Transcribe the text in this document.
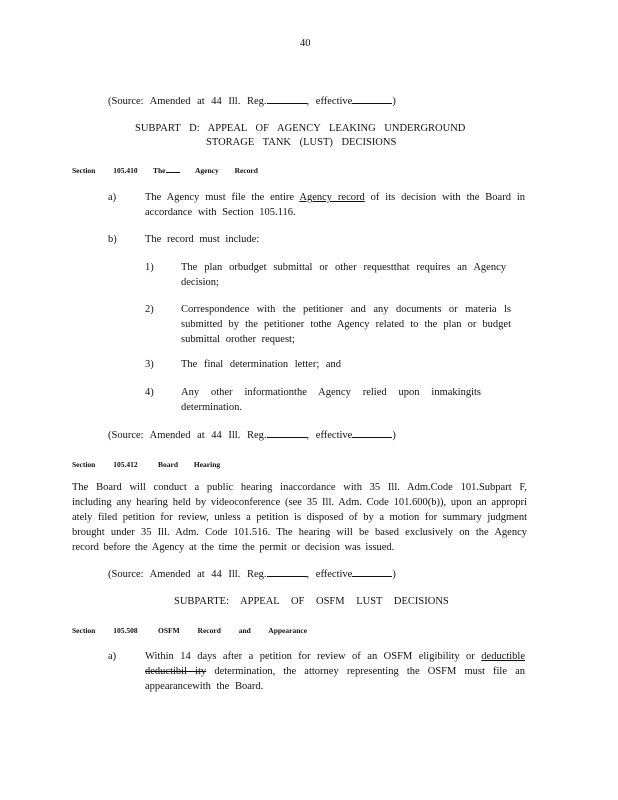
40
(Source: Amended at 44 Ill. Reg.	, effective	)
SUBPART D: APPEAL OF AGENCY LEAKING UNDERGROUND
STORAGE TANK (LUST) DECISIONS
Section 105.410 The	Agency Record
a)	The Agency must file the entire Agency record of its decision with the Board in accordance with Section 105.116.
b)	The record must include:
1)	The plan orbudget submittal or other requestthat requires an Agency decision;
2)	Correspondence with the petitioner and any documents or materia ls submitted by the petitioner tothe Agency related to the plan or budget submittal orother request;
3)	The final determination letter; and
4)	Any other informationthe Agency relied upon inmakingits determination.
(Source: Amended at 44 Ill. Reg.	, effective	)
Section 105.412	Board Hearing
The Board will conduct a public hearing inaccordance with 35 Ill. Adm.Code 101.Subpart F, including any hearing held by videoconference (see 35 Ill. Adm. Code 101.600(b)), upon an appropri ately filed petition for review, unless a petition is disposed of by a motion for summary judgment brought under 35 Ill. Adm. Code 101.516. The hearing will be based exclusively on the Agency record before the Agency at the time the permit or decision was issued.
(Source: Amended at 44 Ill. Reg.	, effective	)
SUBPARTE: APPEAL OF OSFM LUST DECISIONS
Section 105.508	OSFM Record and Appearance
a)	Within 14 days after a petition for review of an OSFM eligibility or deductible deductibil ity determination, the attorney representing the OSFM must file an appearancewith the Board.
